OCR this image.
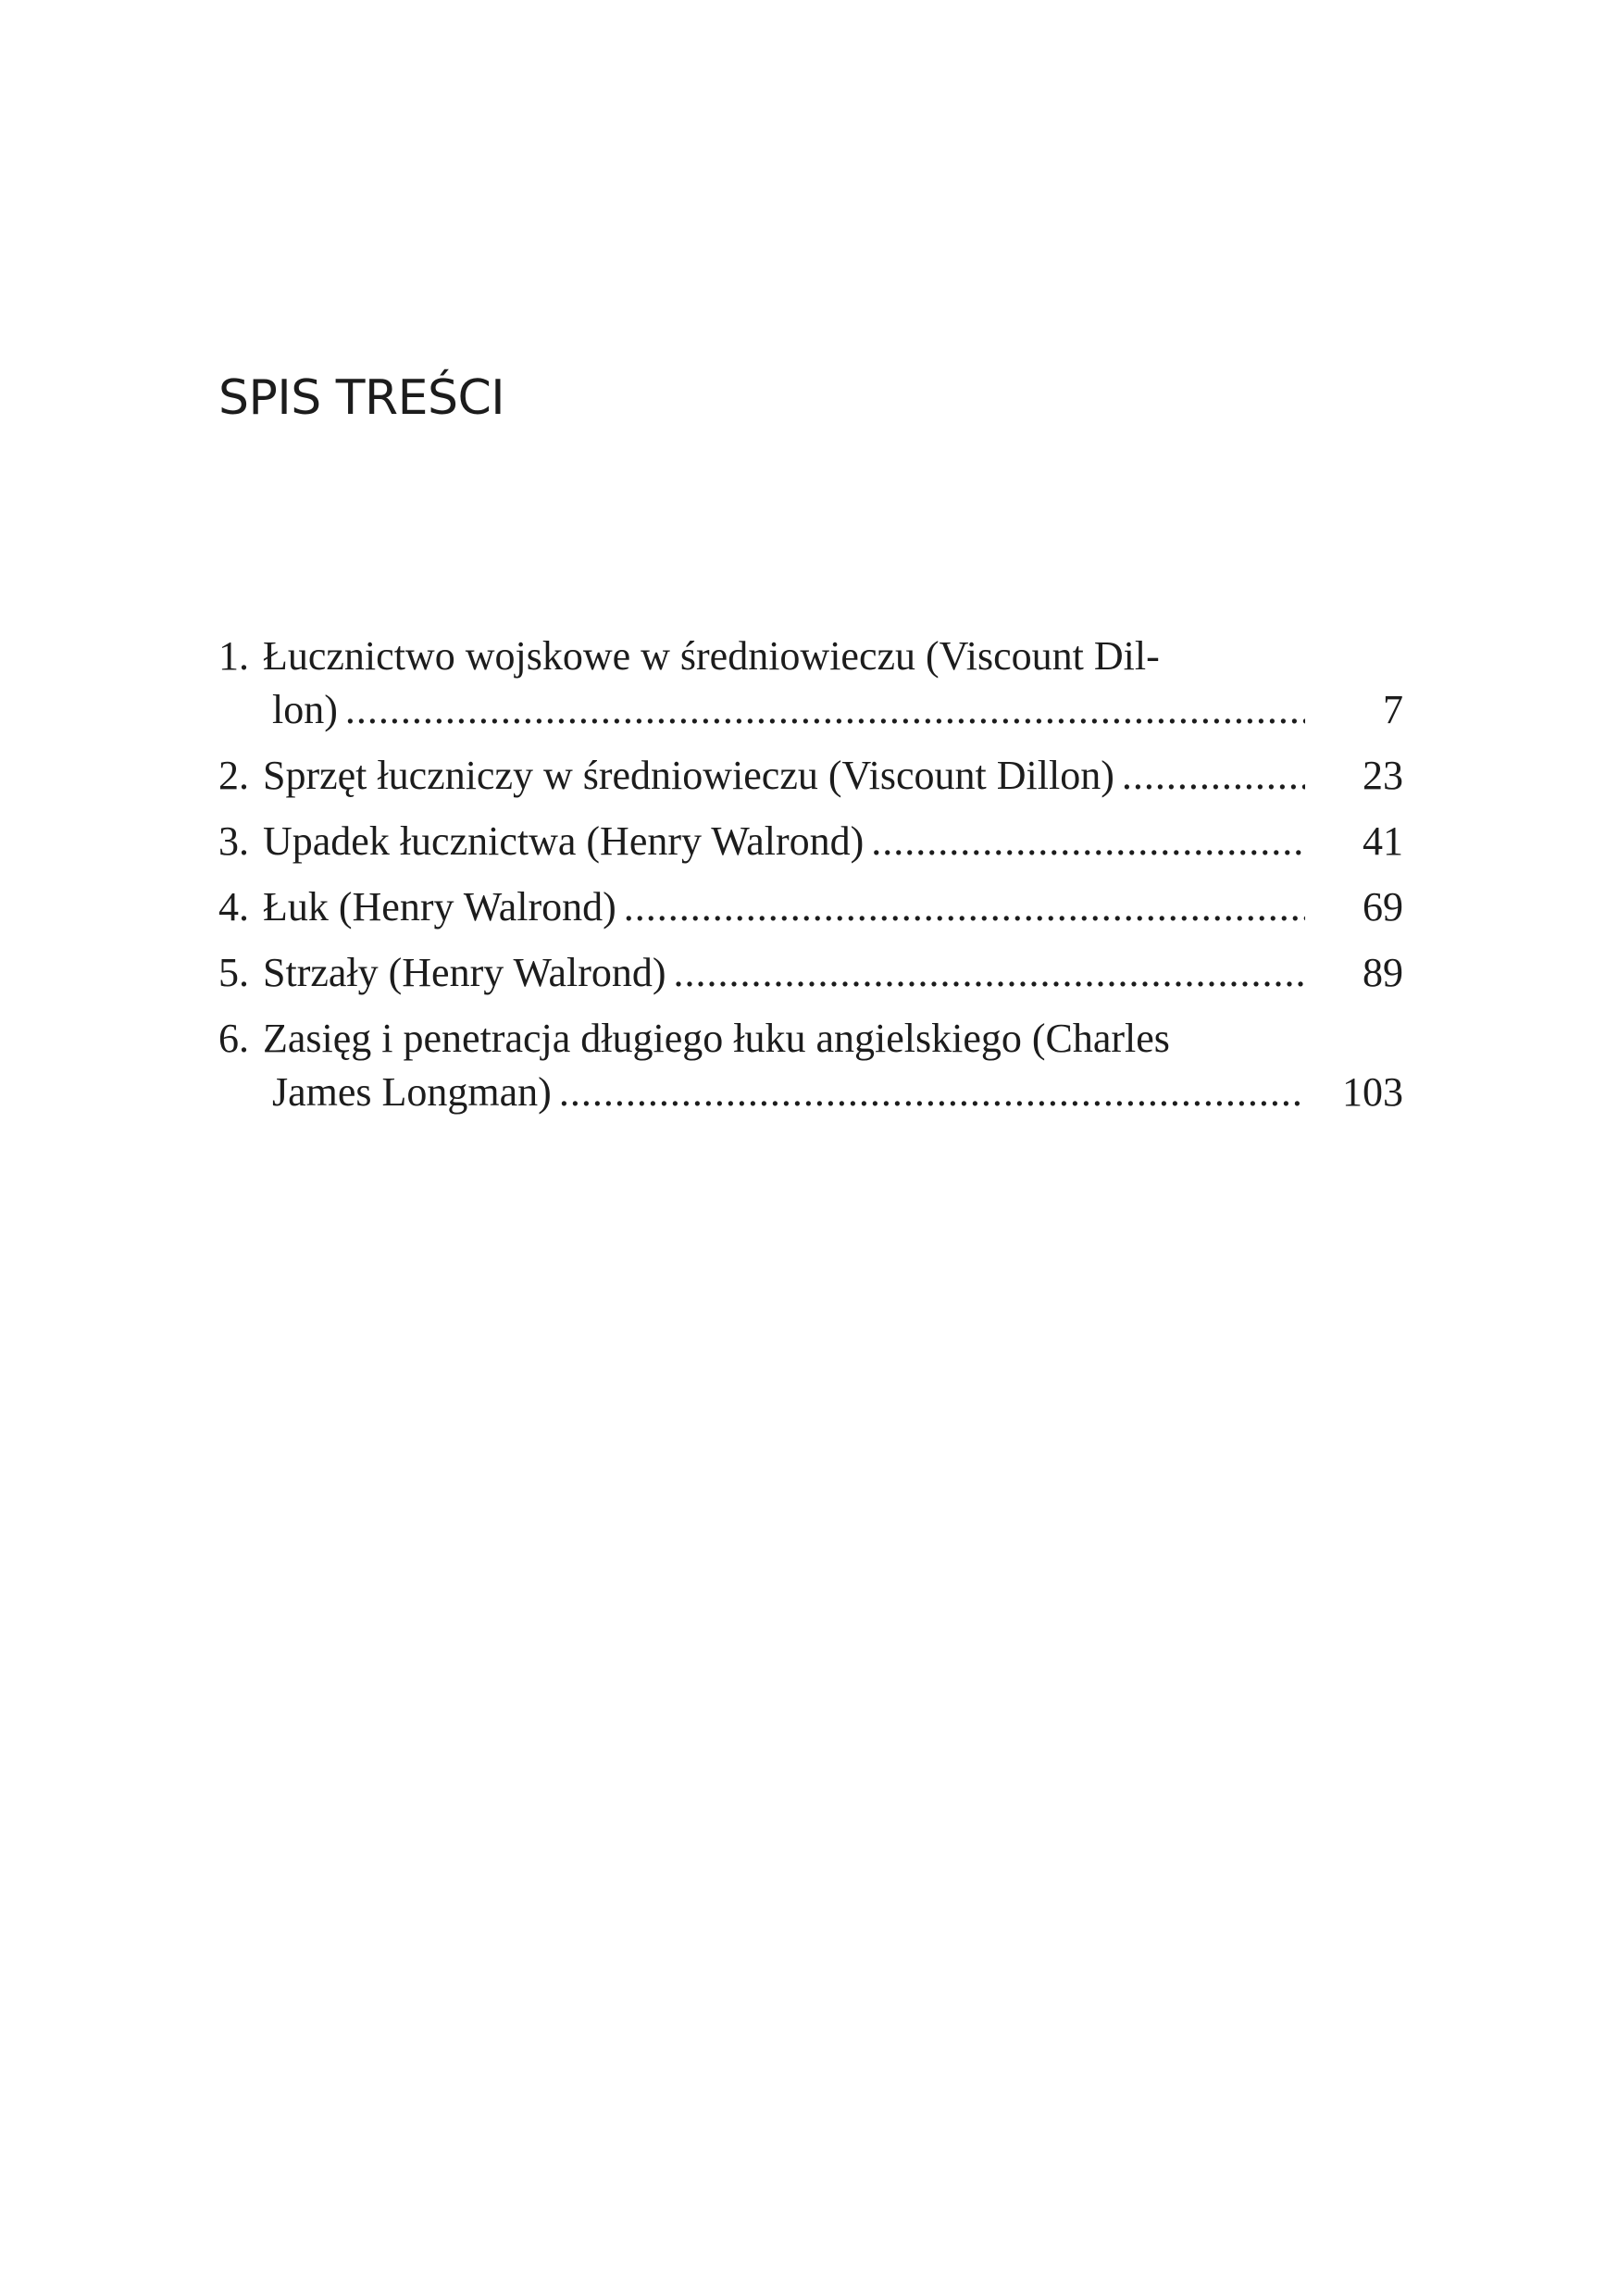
SPIS TREŚCI
1. Łucznictwo wojskowe w średniowieczu (Viscount Dil-
lon) .....	7
2. Sprzęt łuczniczy w średniowieczu (Viscount Dillon) .....	23
3. Upadek łucznictwa (Henry Walrond) .....	41
4. Łuk (Henry Walrond) .....	69
5. Strzały (Henry Walrond) .....	89
6. Zasięg i penetracja długiego łuku angielskiego (Charles
James Longman) .....	103
